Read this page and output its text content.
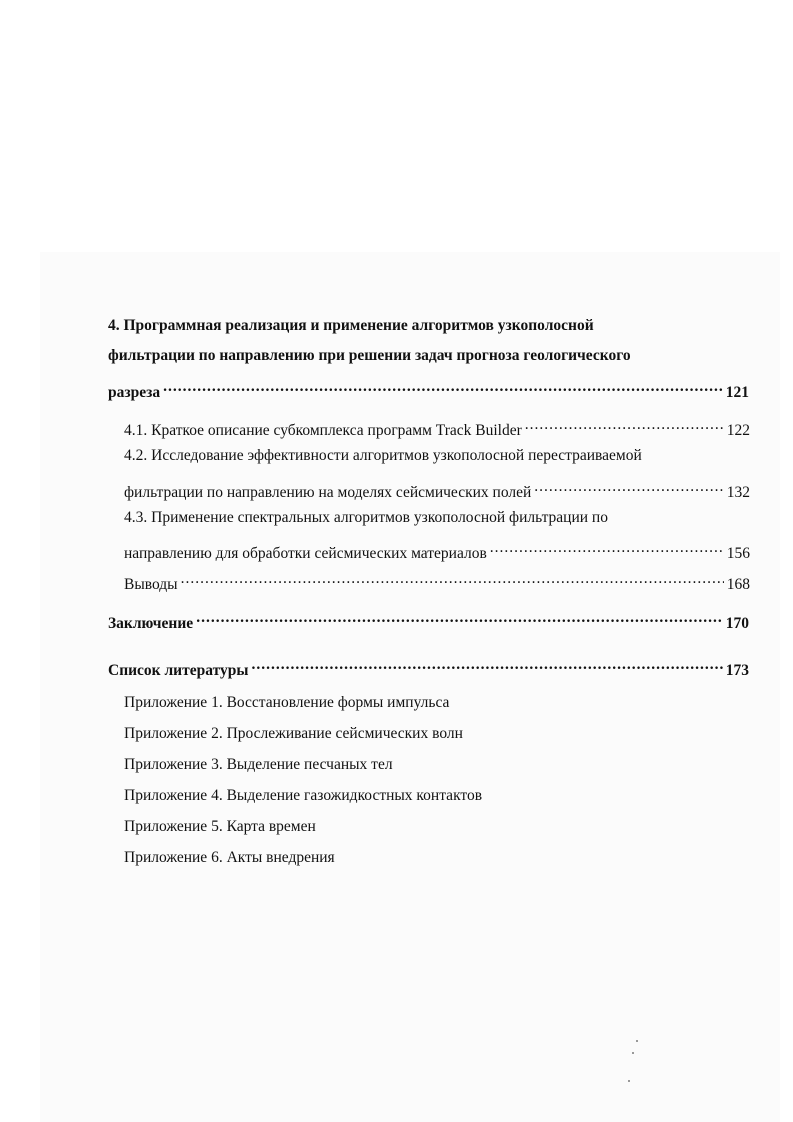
4. Программная реализация и применение алгоритмов узкополосной
фильтрации по направлению при решении задач прогноза геологического
разреза .....	121
4.1. Краткое описание субкомплекса программ Track Builder .....	122
4.2. Исследование эффективности алгоритмов узкополосной перестраиваемой
фильтрации по направлению на моделях сейсмических полей .....	132
4.3. Применение спектральных алгоритмов узкополосной фильтрации по
направлению для обработки сейсмических материалов .....	156
Выводы .....	168
Заключение .....	170
Список литературы .....	173
Приложение 1. Восстановление формы импульса
Приложение 2. Прослеживание сейсмических волн
Приложение 3. Выделение песчаных тел
Приложение 4. Выделение газожидкостных контактов
Приложение 5. Карта времен
Приложение 6. Акты внедрения
